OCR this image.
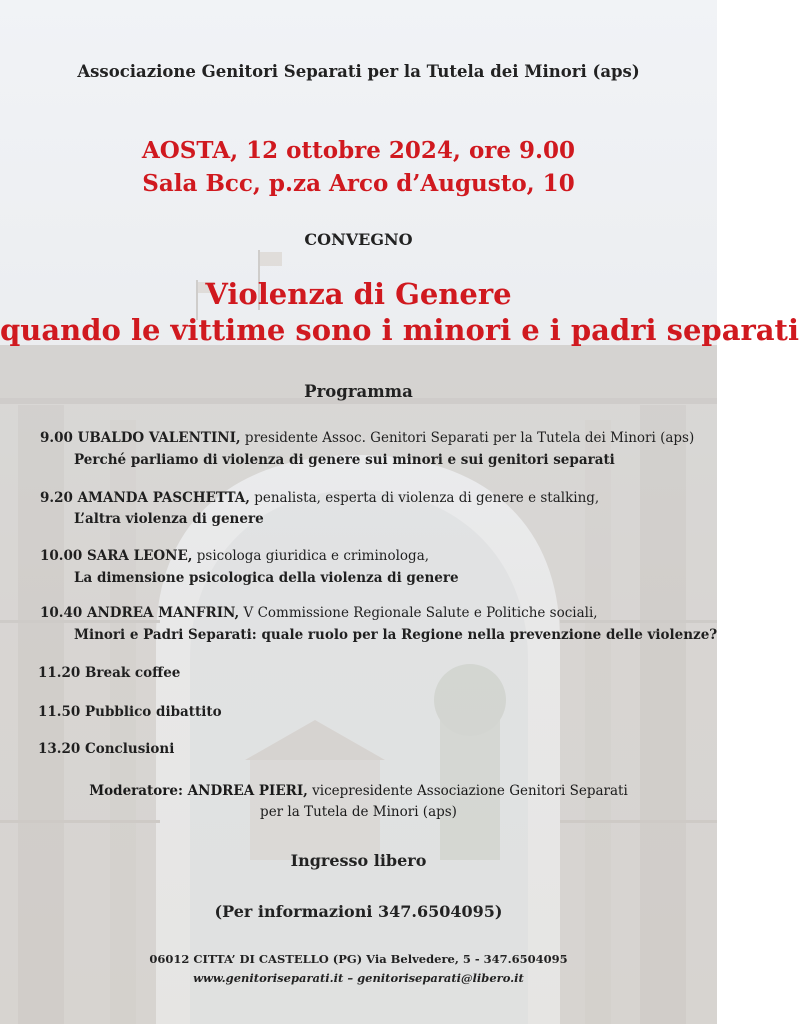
Associazione Genitori Separati per la Tutela dei Minori (aps)
AOSTA, 12 ottobre 2024, ore 9.00
Sala Bcc, p.za Arco d’Augusto, 10
CONVEGNO
Violenza di Genere
quando le vittime sono i minori e i padri separati
Programma
9.00 UBALDO VALENTINI, presidente Assoc. Genitori Separati per la Tutela dei Minori (aps)
Perché parliamo di violenza di genere sui minori e sui genitori separati
9.20 AMANDA PASCHETTA, penalista, esperta di violenza di genere e stalking,
L’altra violenza di genere
10.00 SARA LEONE, psicologa giuridica e criminologa,
La dimensione psicologica della violenza di genere
10.40 ANDREA MANFRIN, V Commissione Regionale Salute e Politiche sociali,
Minori e Padri Separati: quale ruolo per la Regione nella prevenzione delle violenze?
11.20 Break coffee
11.50 Pubblico dibattito
13.20 Conclusioni
Moderatore: ANDREA PIERI, vicepresidente Associazione Genitori Separati
per la Tutela de Minori (aps)
Ingresso libero
(Per informazioni 347.6504095)
06012 CITTA’ DI CASTELLO (PG) Via Belvedere, 5 - 347.6504095
www.genitoriseparati.it – genitoriseparati@libero.it
